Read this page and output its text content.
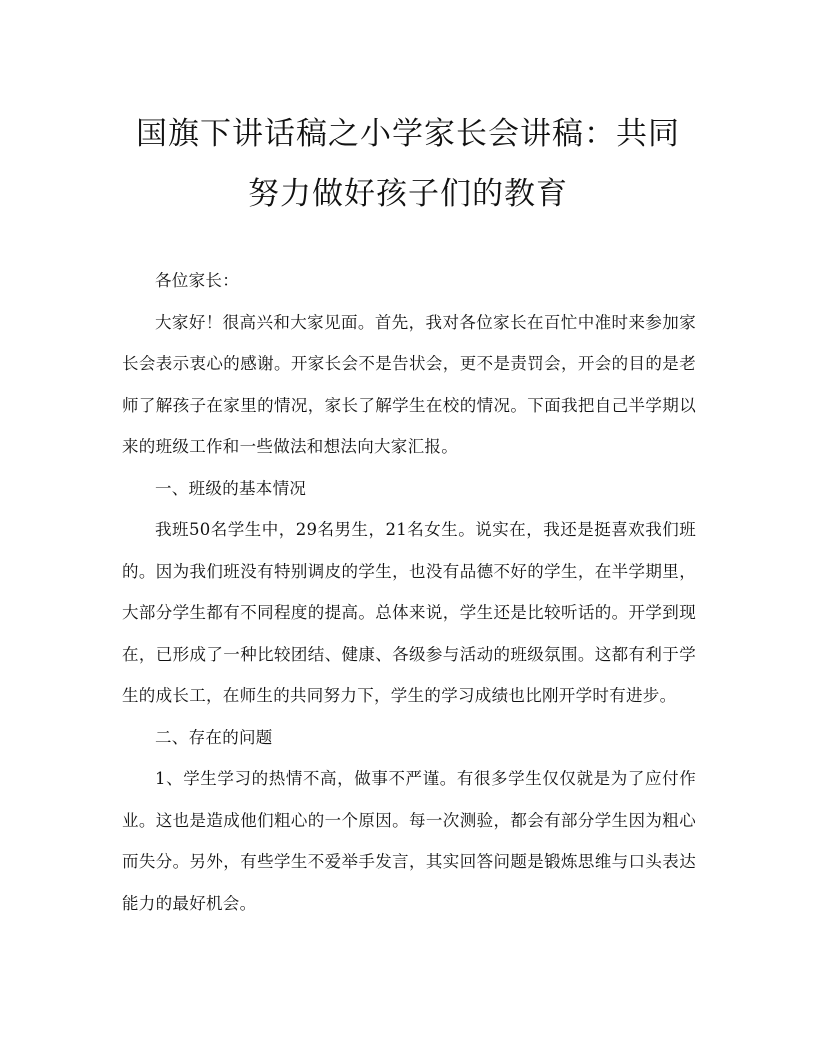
国旗下讲话稿之小学家长会讲稿：共同
努力做好孩子们的教育

各位家长：

大家好！很高兴和大家见面。首先，我对各位家长在百忙中准时来参加家长会表示衷心的感谢。开家长会不是告状会，更不是责罚会，开会的目的是老师了解孩子在家里的情况，家长了解学生在校的情况。下面我把自己半学期以来的班级工作和一些做法和想法向大家汇报。

一、班级的基本情况

我班50名学生中，29名男生，21名女生。说实在，我还是挺喜欢我们班的。因为我们班没有特别调皮的学生，也没有品德不好的学生，在半学期里，大部分学生都有不同程度的提高。总体来说，学生还是比较听话的。开学到现在，已形成了一种比较团结、健康、各级参与活动的班级氛围。这都有利于学生的成长工，在师生的共同努力下，学生的学习成绩也比刚开学时有进步。

二、存在的问题

1、学生学习的热情不高，做事不严谨。有很多学生仅仅就是为了应付作业。这也是造成他们粗心的一个原因。每一次测验，都会有部分学生因为粗心而失分。另外，有些学生不爱举手发言，其实回答问题是锻炼思维与口头表达能力的最好机会。
